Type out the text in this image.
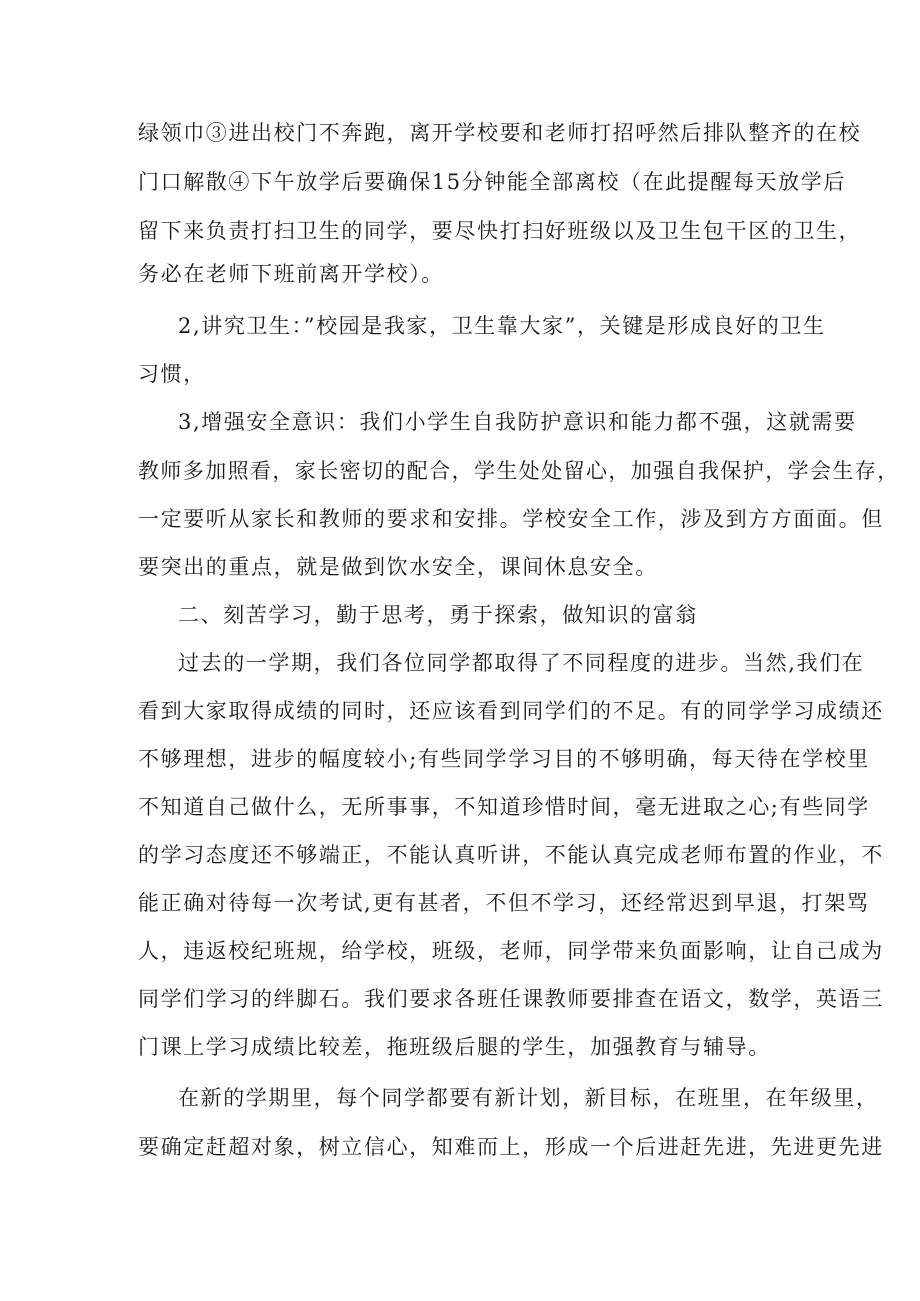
绿领巾③进出校门不奔跑，离开学校要和老师打招呼然后排队整齐的在校
门口解散④下午放学后要确保15分钟能全部离校（在此提醒每天放学后
留下来负责打扫卫生的同学，要尽快打扫好班级以及卫生包干区的卫生，
务必在老师下班前离开学校）。
2,讲究卫生：”校园是我家，卫生靠大家”，关键是形成良好的卫生
习惯，
3,增强安全意识：我们小学生自我防护意识和能力都不强，这就需要
教师多加照看，家长密切的配合，学生处处留心，加强自我保护，学会生存，
一定要听从家长和教师的要求和安排。学校安全工作，涉及到方方面面。但
要突出的重点，就是做到饮水安全，课间休息安全。
二、刻苦学习，勤于思考，勇于探索，做知识的富翁
过去的一学期，我们各位同学都取得了不同程度的进步。当然,我们在
看到大家取得成绩的同时，还应该看到同学们的不足。有的同学学习成绩还
不够理想，进步的幅度较小;有些同学学习目的不够明确，每天待在学校里
不知道自己做什么，无所事事，不知道珍惜时间，毫无进取之心;有些同学
的学习态度还不够端正，不能认真听讲，不能认真完成老师布置的作业，不
能正确对待每一次考试,更有甚者，不但不学习，还经常迟到早退，打架骂
人，违返校纪班规，给学校，班级，老师，同学带来负面影响，让自己成为
同学们学习的绊脚石。我们要求各班任课教师要排查在语文，数学，英语三
门课上学习成绩比较差，拖班级后腿的学生，加强教育与辅导。
在新的学期里，每个同学都要有新计划，新目标，在班里，在年级里，
要确定赶超对象，树立信心，知难而上，形成一个后进赶先进，先进更先进
